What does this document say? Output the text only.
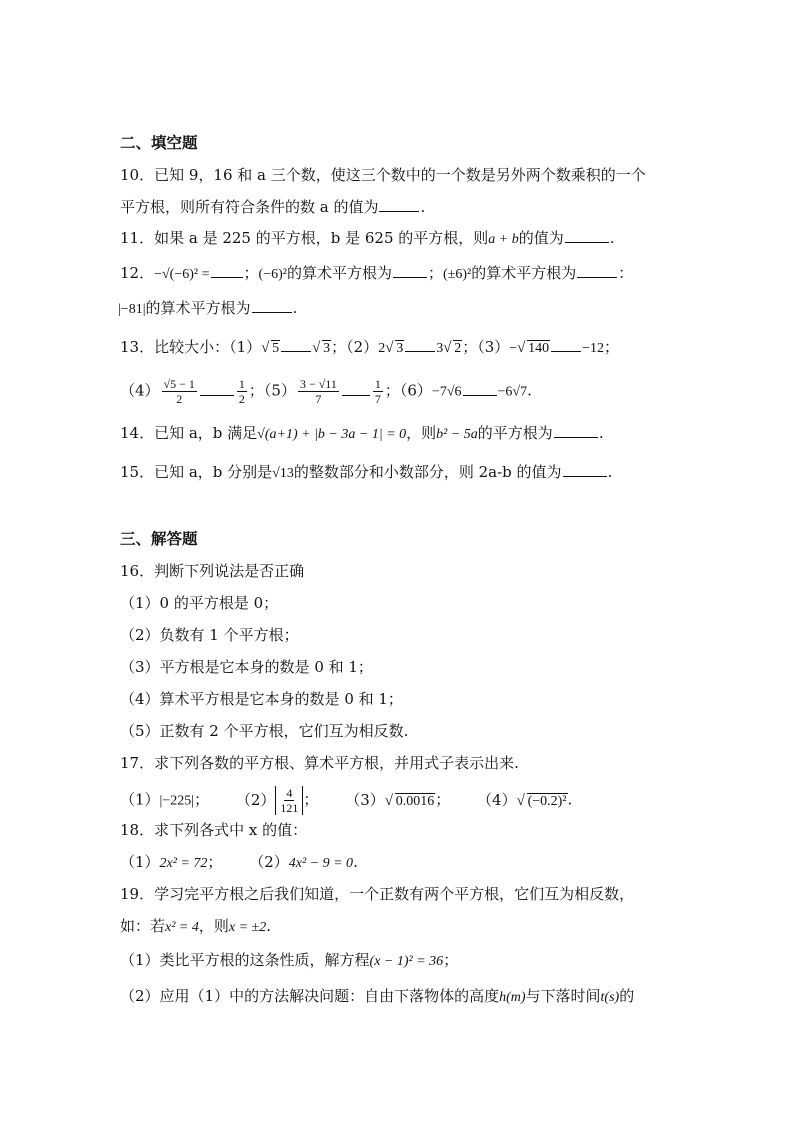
二、填空题
10．已知 9，16 和 a 三个数，使这三个数中的一个数是另外两个数乘积的一个
平方根，则所有符合条件的数 a 的值为	.
11．如果 a 是 225 的平方根，b 是 625 的平方根，则a + b的值为	.
12．−√(−6)² = ；(−6)²的算术平方根为 ；(±6)²的算术平方根为	：
|−81|的算术平方根为	.
13．比较大小：（1） √ 5	√ 3；（2）2 √ 3 3 √ 2；（3）− √ 140 −12；
$(4) \frac{√5 - 1}{2}$	$\frac{1}{2}$ ；$(5) \frac{3 - √11}{7}$	$\frac{1}{7}$ ；（6）−7√6	−6√7.
14．已知 a，b 满足√(a+1) + |b − 3a − 1| = 0，则b² − 5a的平方根为	.
15．已知 a，b 分别是√13的整数部分和小数部分，则 2a-b 的值为	.
三、解答题
16．判断下列说法是否正确
（1）0 的平方根是 0；
（2）负数有 1 个平方根；
（3）平方根是它本身的数是 0 和 1；
（4）算术平方根是它本身的数是 0 和 1；
（5）正数有 2 个平方根，它们互为相反数.
17．求下列各数的平方根、算术平方根，并用式子表示出来.
（1）|−225|； $(2) \frac{4}{121}$ ； （3） √ 0.0016； （4） √ (−0.2)².
18．求下列各式中 x 的值：
（1）2x² = 72； （2）4x² − 9 = 0.
19．学习完平方根之后我们知道，一个正数有两个平方根，它们互为相反数，
如：若x² = 4，则x = ±2.
（1）类比平方根的这条性质，解方程(x − 1)² = 36；
（2）应用（1）中的方法解决问题：自由下落物体的高度h(m)与下落时间t(s)的
